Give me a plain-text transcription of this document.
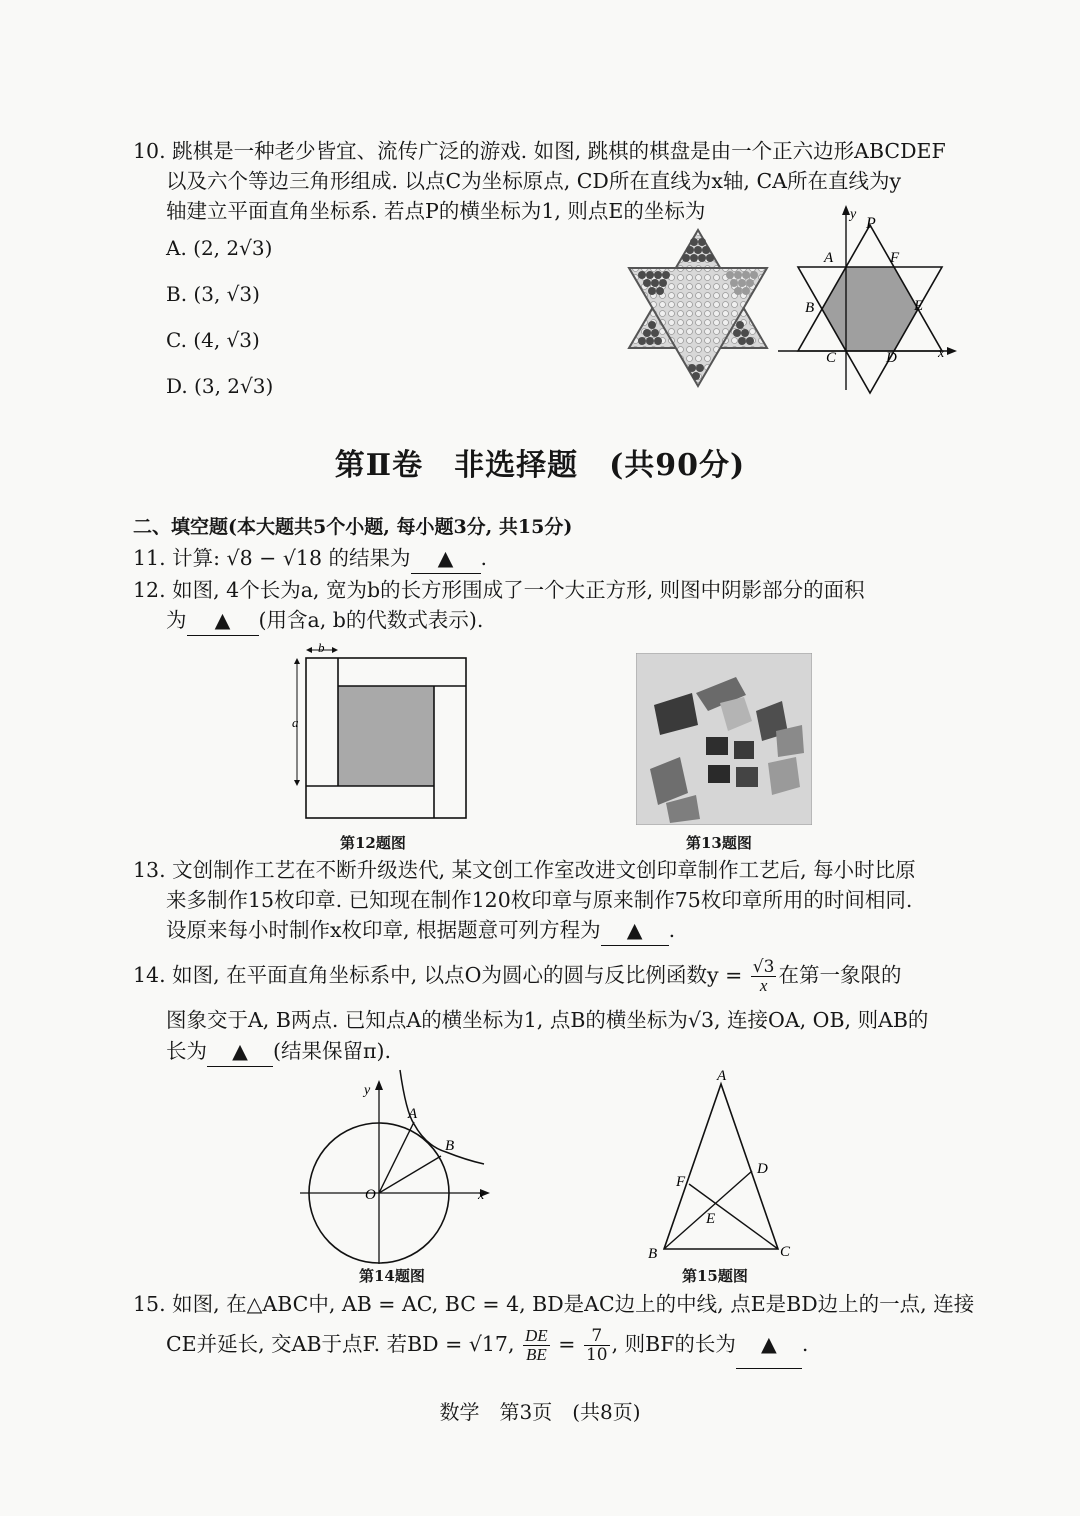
10. 跳棋是一种老少皆宜、流传广泛的游戏. 如图, 跳棋的棋盘是由一个正六边形ABCDEF
以及六个等边三角形组成. 以点C为坐标原点, CD所在直线为x轴, CA所在直线为y
轴建立平面直角坐标系. 若点P的横坐标为1, 则点E的坐标为
A. (2, 2√3)
B. (3, √3)
C. (4, √3)
D. (3, 2√3)
y
P
A	F
B	E
C	D	x
第Ⅱ卷　非选择题　(共90分)
二、填空题(本大题共5个小题, 每小题3分, 共15分)
11. 计算: √8 − √18 的结果为 ▲ .
12. 如图, 4个长为a, 宽为b的长方形围成了一个大正方形, 则图中阴影部分的面积
为 ▲ (用含a, b的代数式表示).
b
a
第12题图	第13题图
13. 文创制作工艺在不断升级迭代, 某文创工作室改进文创印章制作工艺后, 每小时比原
来多制作15枚印章. 已知现在制作120枚印章与原来制作75枚印章所用的时间相同.
设原来每小时制作x枚印章, 根据题意可列方程为 ▲ .
14. 如图, 在平面直角坐标系中, 以点O为圆心的圆与反比例函数$y = \frac{√3}{x}$ 在第一象限的
图象交于A, B两点. 已知点A的横坐标为1, 点B的横坐标为√3, 连接OA, OB, 则AB的
长为 ▲ (结果保留π).
y
A
B
O	x
第14题图
A
B	C
D
E
F
第15题图
15. 如图, 在△ABC中, AB = AC, BC = 4, BD是AC边上的中线, 点E是BD边上的一点, 连接
CE并延长, 交AB于点F. 若BD = √17, $\frac{DE}{BE} = \frac{7}{10}$ , 则BF的长为 ▲ .
数学　第3页　(共8页)
